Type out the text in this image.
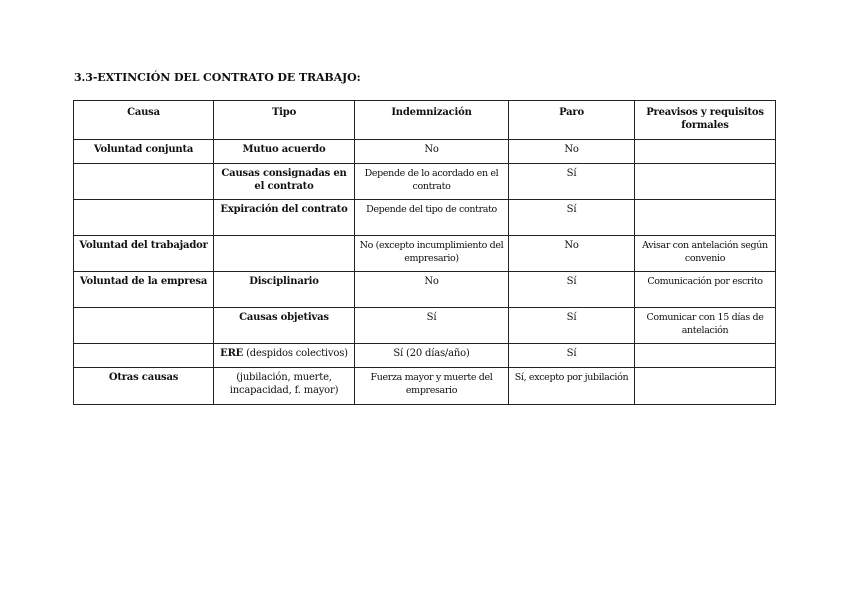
3.3-EXTINCIÓN DEL CONTRATO DE TRABAJO:
Causa	Tipo	Indemnización	Paro	Preavisos y requisitos formales
Voluntad conjunta	Mutuo acuerdo	No	No	
	Causas consignadas en el contrato	Depende de lo acordado en el contrato	Sí	
	Expiración del contrato	Depende del tipo de contrato	Sí	
Voluntad del trabajador		No (excepto incumplimiento del empresario)	No	Avisar con antelación según convenio
Voluntad de la empresa	Disciplinario	No	Sí	Comunicación por escrito
	Causas objetivas	Sí	Sí	Comunicar con 15 días de antelación
	ERE (despidos colectivos)	Sí (20 días/año)	Sí	
Otras causas	(jubilación, muerte, incapacidad, f. mayor)	Fuerza mayor y muerte del empresario	Sí, excepto por jubilación	
